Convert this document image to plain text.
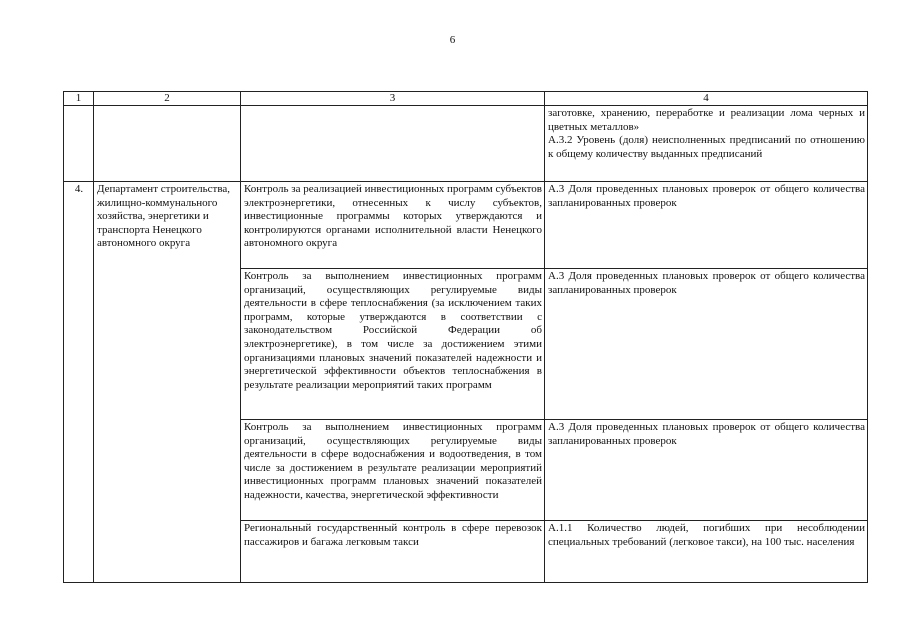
6
1	2	3	4

			заготовке, хранению, переработке и реализации лома черных и цветных металлов»
А.3.2 Уровень (доля) неисполненных предписаний по отношению к общему количеству выданных предписаний

4.	Департамент строительства, жилищно-коммунального хозяйства, энергетики и транспорта Ненецкого автономного округа	Контроль за реализацией инвестиционных программ субъектов электроэнергетики, отнесенных к числу субъектов, инвестиционные программы которых утверждаются и контролируются органами исполнительной власти Ненецкого автономного округа	А.3 Доля проведенных плановых проверок от общего количества запланированных проверок
		Контроль за выполнением инвестиционных программ организаций, осуществляющих регулируемые виды деятельности в сфере теплоснабжения (за исключением таких программ, которые утверждаются в соответствии с законодательством Российской Федерации об электроэнергетике), в том числе за достижением этими организациями плановых значений показателей надежности и энергетической эффективности объектов теплоснабжения в результате реализации мероприятий таких программ	А.3 Доля проведенных плановых проверок от общего количества запланированных проверок
		Контроль за выполнением инвестиционных программ организаций, осуществляющих регулируемые виды деятельности в сфере водоснабжения и водоотведения, в том числе за достижением в результате реализации мероприятий инвестиционных программ плановых значений показателей надежности, качества, энергетической эффективности	А.3 Доля проведенных плановых проверок от общего количества запланированных проверок
		Региональный государственный контроль в сфере перевозок пассажиров и багажа легковым такси	А.1.1 Количество людей, погибших при несоблюдении специальных требований (легковое такси), на 100 тыс. населения
